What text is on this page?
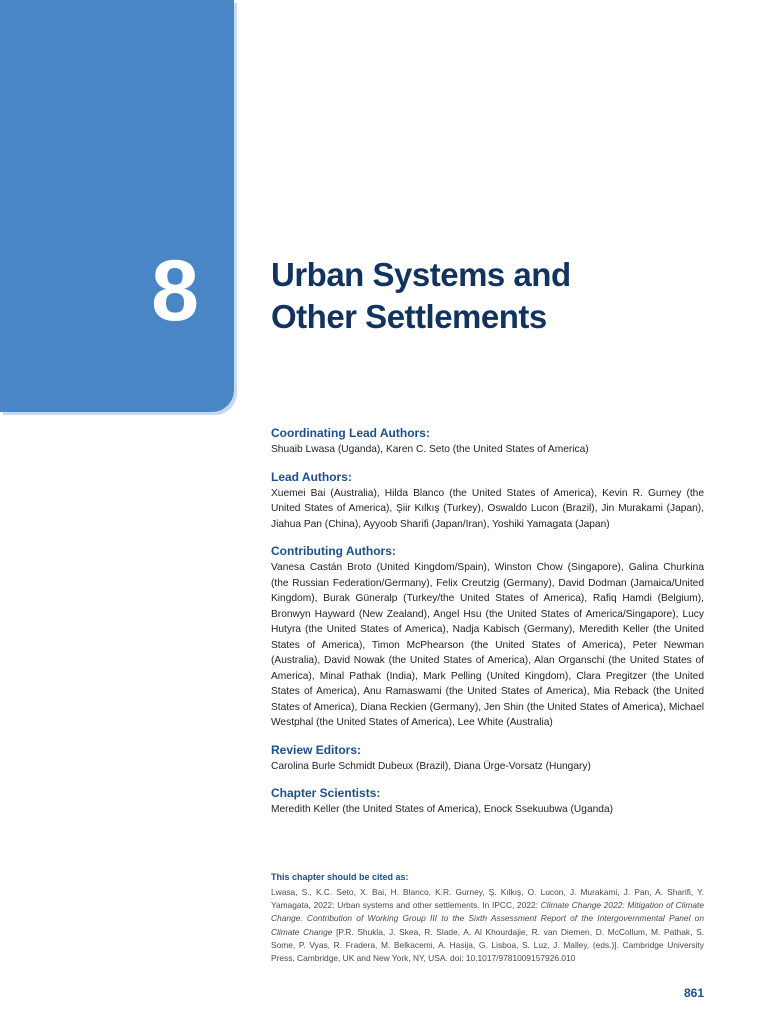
8 Urban Systems and
Other Settlements
Coordinating Lead Authors:
Shuaib Lwasa (Uganda), Karen C. Seto (the United States of America)
Lead Authors:
Xuemei Bai (Australia), Hilda Blanco (the United States of America), Kevin R. Gurney (the United States of America), Şiir Kılkış (Turkey), Oswaldo Lucon (Brazil), Jin Murakami (Japan), Jiahua Pan (China), Ayyoob Sharifi (Japan/Iran), Yoshiki Yamagata (Japan)
Contributing Authors:
Vanesa Castán Broto (United Kingdom/Spain), Winston Chow (Singapore), Galina Churkina (the Russian Federation/Germany), Felix Creutzig (Germany), David Dodman (Jamaica/United Kingdom), Burak Güneralp (Turkey/the United States of America), Rafiq Hamdi (Belgium), Bronwyn Hayward (New Zealand), Angel Hsu (the United States of America/Singapore), Lucy Hutyra (the United States of America), Nadja Kabisch (Germany), Meredith Keller (the United States of America), Timon McPhearson (the United States of America), Peter Newman (Australia), David Nowak (the United States of America), Alan Organschi (the United States of America), Minal Pathak (India), Mark Pelling (United Kingdom), Clara Pregitzer (the United States of America), Anu Ramaswami (the United States of America), Mia Reback (the United States of America), Diana Reckien (Germany), Jen Shin (the United States of America), Michael Westphal (the United States of America), Lee White (Australia)
Review Editors:
Carolina Burle Schmidt Dubeux (Brazil), Diana Ürge-Vorsatz (Hungary)
Chapter Scientists:
Meredith Keller (the United States of America), Enock Ssekuubwa (Uganda)
This chapter should be cited as:
Lwasa, S., K.C. Seto, X. Bai, H. Blanco, K.R. Gurney, Ş. Kılkış, O. Lucon, J. Murakami, J. Pan, A. Sharifi, Y. Yamagata, 2022: Urban systems and other settlements. In IPCC, 2022: Climate Change 2022: Mitigation of Climate Change. Contribution of Working Group III to the Sixth Assessment Report of the Intergovernmental Panel on Climate Change [P.R. Shukla, J. Skea, R. Slade, A. Al Khourdajie, R. van Diemen, D. McCollum, M. Pathak, S. Some, P. Vyas, R. Fradera, M. Belkacemi, A. Hasija, G. Lisboa, S. Luz, J. Malley, (eds.)]. Cambridge University Press, Cambridge, UK and New York, NY, USA. doi: 10.1017/9781009157926.010
861
